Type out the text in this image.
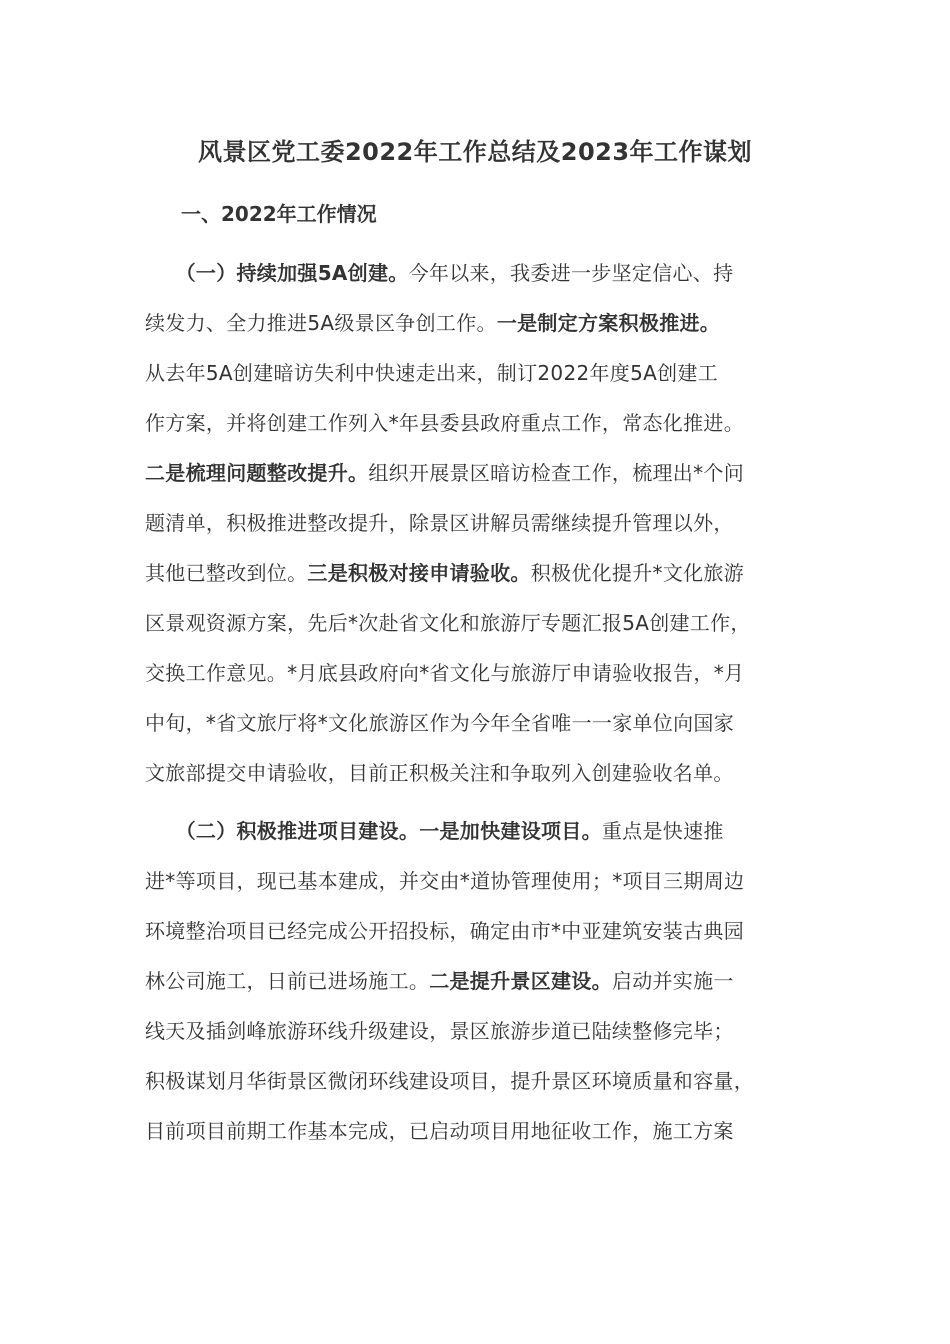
风景区党工委2022年工作总结及2023年工作谋划
一、2022年工作情况
　　（一）持续加强5A创建。今年以来，我委进一步坚定信心、持
续发力、全力推进5A级景区争创工作。一是制定方案积极推进。
从去年5A创建暗访失利中快速走出来，制订2022年度5A创建工
作方案，并将创建工作列入*年县委县政府重点工作，常态化推进。
二是梳理问题整改提升。组织开展景区暗访检查工作，梳理出*个问
题清单，积极推进整改提升，除景区讲解员需继续提升管理以外，
其他已整改到位。三是积极对接申请验收。积极优化提升*文化旅游
区景观资源方案，先后*次赴省文化和旅游厅专题汇报5A创建工作，
交换工作意见。*月底县政府向*省文化与旅游厅申请验收报告，*月
中旬，*省文旅厅将*文化旅游区作为今年全省唯一一家单位向国家
文旅部提交申请验收，目前正积极关注和争取列入创建验收名单。
　　（二）积极推进项目建设。一是加快建设项目。重点是快速推
进*等项目，现已基本建成，并交由*道协管理使用；*项目三期周边
环境整治项目已经完成公开招投标，确定由市*中亚建筑安装古典园
林公司施工，日前已进场施工。二是提升景区建设。启动并实施一
线天及插剑峰旅游环线升级建设，景区旅游步道已陆续整修完毕；
积极谋划月华街景区微闭环线建设项目，提升景区环境质量和容量，
目前项目前期工作基本完成，已启动项目用地征收工作，施工方案
